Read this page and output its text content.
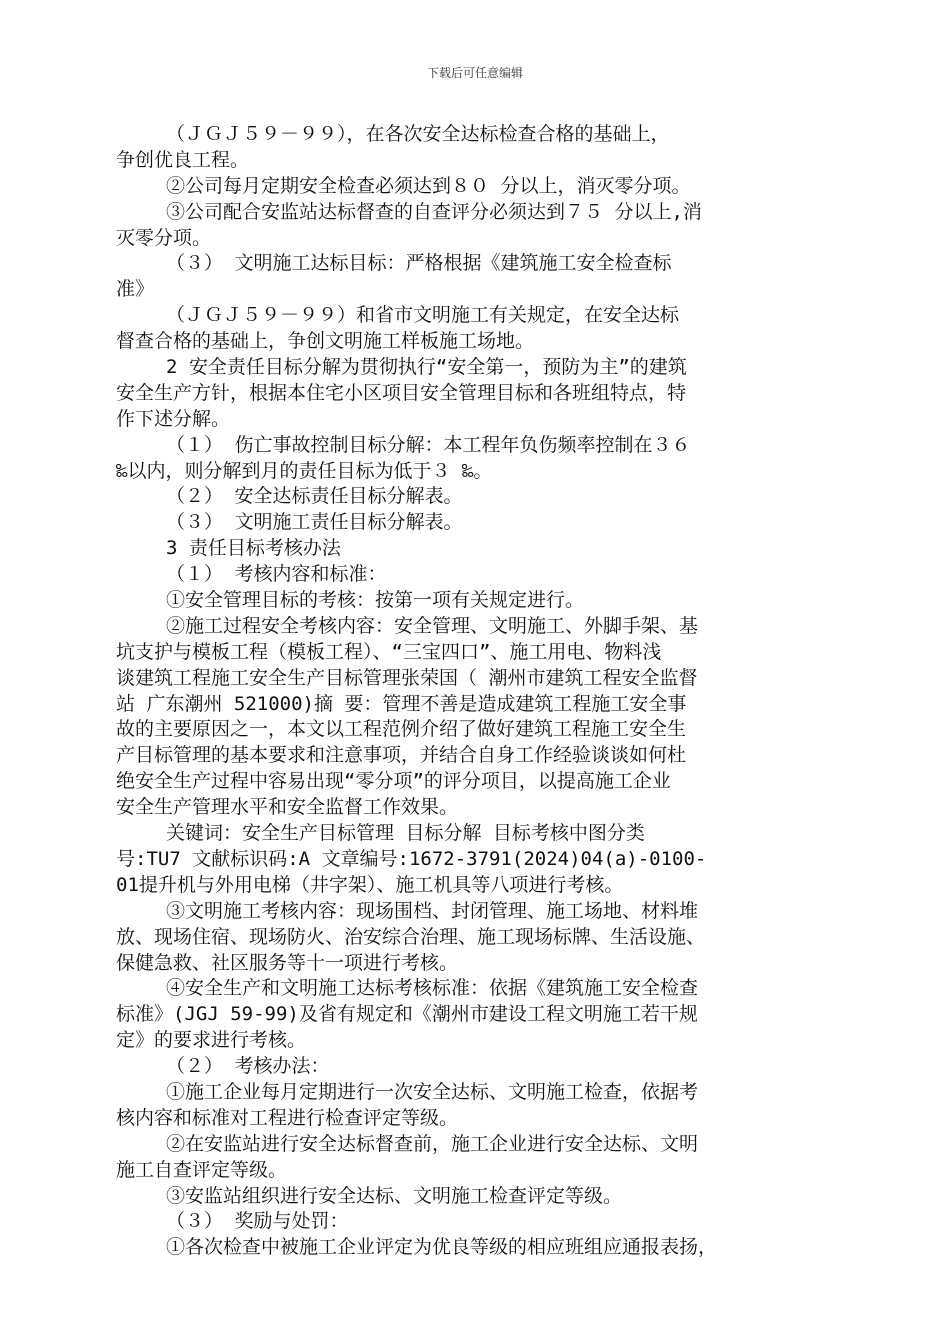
下载后可任意编辑
（ＪＧＪ５９－９９），在各次安全达标检查合格的基础上，
争创优良工程。
②公司每月定期安全检查必须达到８０ 分以上，消灭零分项。
③公司配合安监站达标督查的自查评分必须达到７５ 分以上,消
灭零分项。
（３） 文明施工达标目标：严格根据《建筑施工安全检查标
准》
（ＪＧＪ５９－９９）和省市文明施工有关规定，在安全达标
督查合格的基础上，争创文明施工样板施工场地。
2 安全责任目标分解为贯彻执行“安全第一，预防为主”的建筑
安全生产方针，根据本住宅小区项目安全管理目标和各班组特点，特
作下述分解。
（１） 伤亡事故控制目标分解：本工程年负伤频率控制在３６
‰以内，则分解到月的责任目标为低于３ ‰。
（２） 安全达标责任目标分解表。
（３） 文明施工责任目标分解表。
3 责任目标考核办法
（１） 考核内容和标准：
①安全管理目标的考核：按第一项有关规定进行。
②施工过程安全考核内容：安全管理、文明施工、外脚手架、基
坑支护与模板工程（模板工程）、“三宝四口”、施工用电、物料浅
谈建筑工程施工安全生产目标管理张荣国（ 潮州市建筑工程安全监督
站 广东潮州 521000)摘 要：管理不善是造成建筑工程施工安全事
故的主要原因之一，本文以工程范例介绍了做好建筑工程施工安全生
产目标管理的基本要求和注意事项，并结合自身工作经验谈谈如何杜
绝安全生产过程中容易出现“零分项”的评分项目，以提高施工企业
安全生产管理水平和安全监督工作效果。
关键词：安全生产目标管理 目标分解 目标考核中图分类
号:TU7 文献标识码:A 文章编号:1672-3791(2024)04(a)-0100-
01提升机与外用电梯（井字架）、施工机具等八项进行考核。
③文明施工考核内容：现场围档、封闭管理、施工场地、材料堆
放、现场住宿、现场防火、治安综合治理、施工现场标牌、生活设施、
保健急救、社区服务等十一项进行考核。
④安全生产和文明施工达标考核标准：依据《建筑施工安全检查
标准》(JGJ 59-99)及省有规定和《潮州市建设工程文明施工若干规
定》的要求进行考核。
（２） 考核办法：
①施工企业每月定期进行一次安全达标、文明施工检查，依据考
核内容和标准对工程进行检查评定等级。
②在安监站进行安全达标督查前，施工企业进行安全达标、文明
施工自查评定等级。
③安监站组织进行安全达标、文明施工检查评定等级。
（３） 奖励与处罚：
①各次检查中被施工企业评定为优良等级的相应班组应通报表扬，
